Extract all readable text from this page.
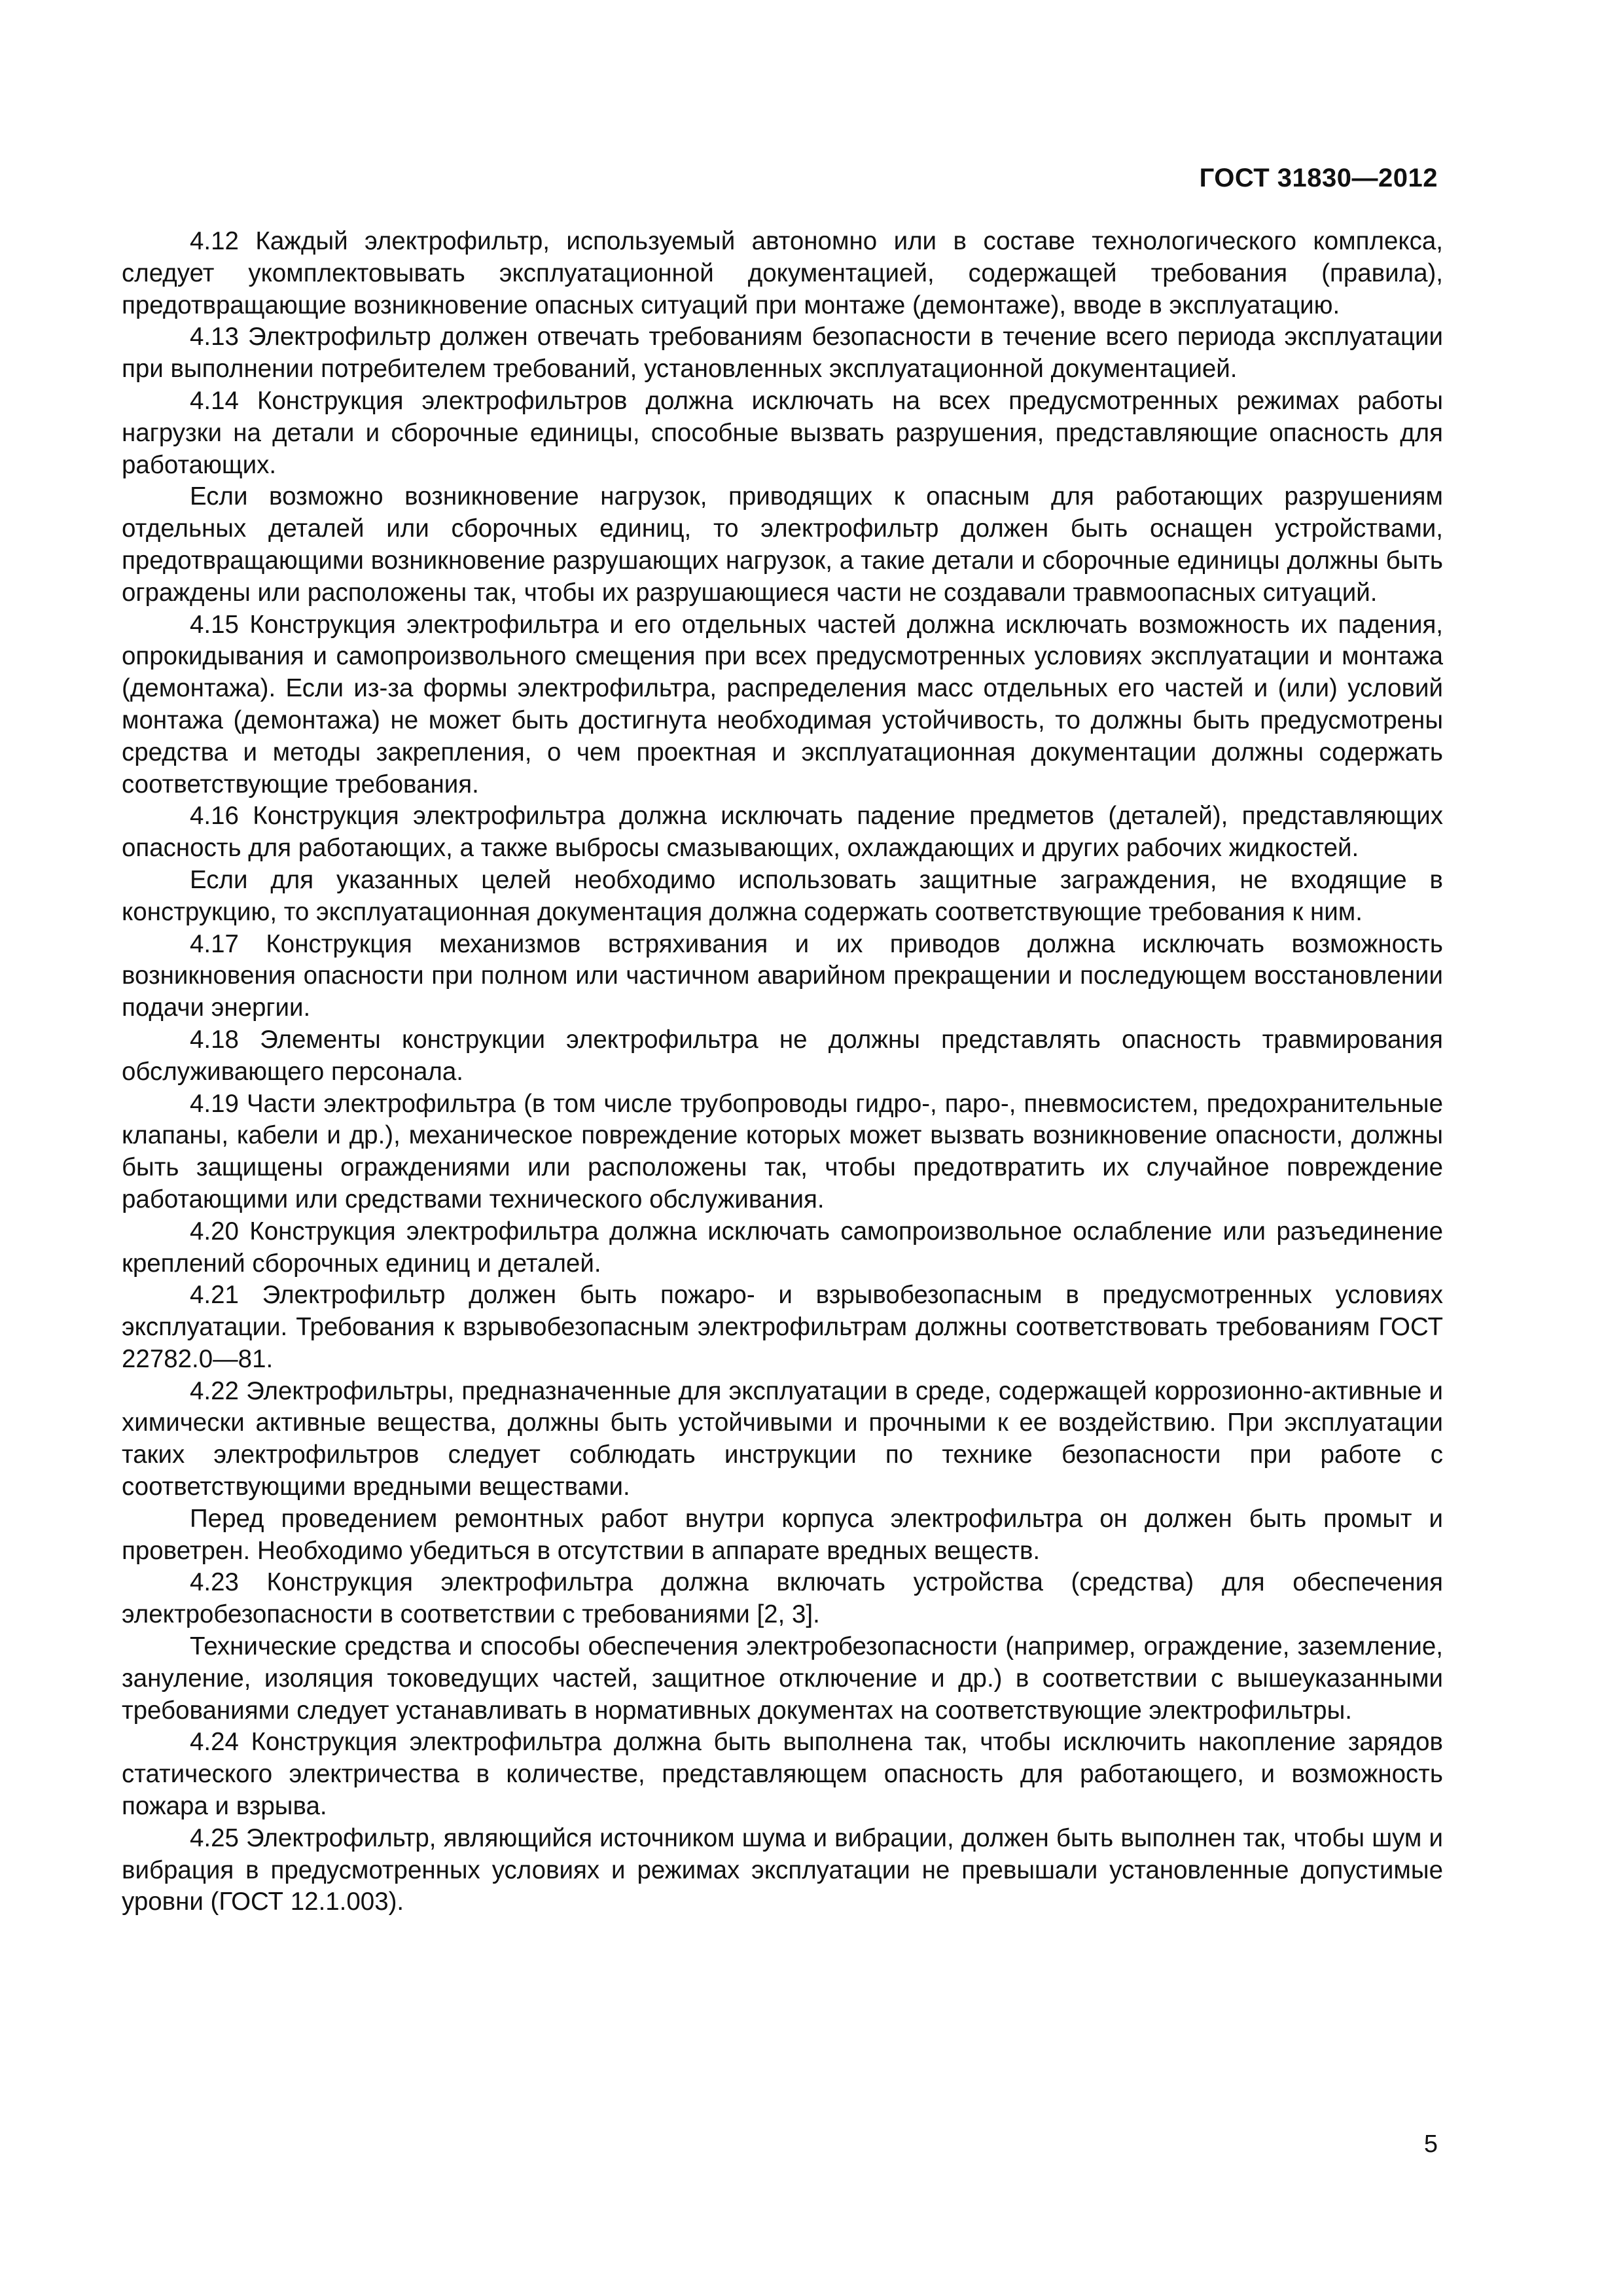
ГОСТ 31830—2012

4.12 Каждый электрофильтр, используемый автономно или в составе технологического комплекса, следует укомплектовывать эксплуатационной документацией, содержащей требования (правила), предотвращающие возникновение опасных ситуаций при монтаже (демонтаже), вводе в эксплуатацию.

4.13 Электрофильтр должен отвечать требованиям безопасности в течение всего периода эксплуатации при выполнении потребителем требований, установленных эксплуатационной документацией.

4.14 Конструкция электрофильтров должна исключать на всех предусмотренных режимах работы нагрузки на детали и сборочные единицы, способные вызвать разрушения, представляющие опасность для работающих.

Если возможно возникновение нагрузок, приводящих к опасным для работающих разрушениям отдельных деталей или сборочных единиц, то электрофильтр должен быть оснащен устройствами, предотвращающими возникновение разрушающих нагрузок, а такие детали и сборочные единицы должны быть ограждены или расположены так, чтобы их разрушающиеся части не создавали травмоопасных ситуаций.

4.15 Конструкция электрофильтра и его отдельных частей должна исключать возможность их падения, опрокидывания и самопроизвольного смещения при всех предусмотренных условиях эксплуатации и монтажа (демонтажа). Если из-за формы электрофильтра, распределения масс отдельных его частей и (или) условий монтажа (демонтажа) не может быть достигнута необходимая устойчивость, то должны быть предусмотрены средства и методы закрепления, о чем проектная и эксплуатационная документации должны содержать соответствующие требования.

4.16 Конструкция электрофильтра должна исключать падение предметов (деталей), представляющих опасность для работающих, а также выбросы смазывающих, охлаждающих и других рабочих жидкостей.

Если для указанных целей необходимо использовать защитные заграждения, не входящие в конструкцию, то эксплуатационная документация должна содержать соответствующие требования к ним.

4.17 Конструкция механизмов встряхивания и их приводов должна исключать возможность возникновения опасности при полном или частичном аварийном прекращении и последующем восстановлении подачи энергии.

4.18 Элементы конструкции электрофильтра не должны представлять опасность травмирования обслуживающего персонала.

4.19 Части электрофильтра (в том числе трубопроводы гидро-, паро-, пневмосистем, предохранительные клапаны, кабели и др.), механическое повреждение которых может вызвать возникновение опасности, должны быть защищены ограждениями или расположены так, чтобы предотвратить их случайное повреждение работающими или средствами технического обслуживания.

4.20 Конструкция электрофильтра должна исключать самопроизвольное ослабление или разъединение креплений сборочных единиц и деталей.

4.21 Электрофильтр должен быть пожаро- и взрывобезопасным в предусмотренных условиях эксплуатации. Требования к взрывобезопасным электрофильтрам должны соответствовать требованиям ГОСТ 22782.0—81.

4.22 Электрофильтры, предназначенные для эксплуатации в среде, содержащей коррозионно-активные и химически активные вещества, должны быть устойчивыми и прочными к ее воздействию. При эксплуатации таких электрофильтров следует соблюдать инструкции по технике безопасности при работе с соответствующими вредными веществами.

Перед проведением ремонтных работ внутри корпуса электрофильтра он должен быть промыт и проветрен. Необходимо убедиться в отсутствии в аппарате вредных веществ.

4.23 Конструкция электрофильтра должна включать устройства (средства) для обеспечения электробезопасности в соответствии с требованиями [2, 3].

Технические средства и способы обеспечения электробезопасности (например, ограждение, заземление, зануление, изоляция токоведущих частей, защитное отключение и др.) в соответствии с вышеуказанными требованиями следует устанавливать в нормативных документах на соответствующие электрофильтры.

4.24 Конструкция электрофильтра должна быть выполнена так, чтобы исключить накопление зарядов статического электричества в количестве, представляющем опасность для работающего, и возможность пожара и взрыва.

4.25 Электрофильтр, являющийся источником шума и вибрации, должен быть выполнен так, чтобы шум и вибрация в предусмотренных условиях и режимах эксплуатации не превышали установленные допустимые уровни (ГОСТ 12.1.003).

5
